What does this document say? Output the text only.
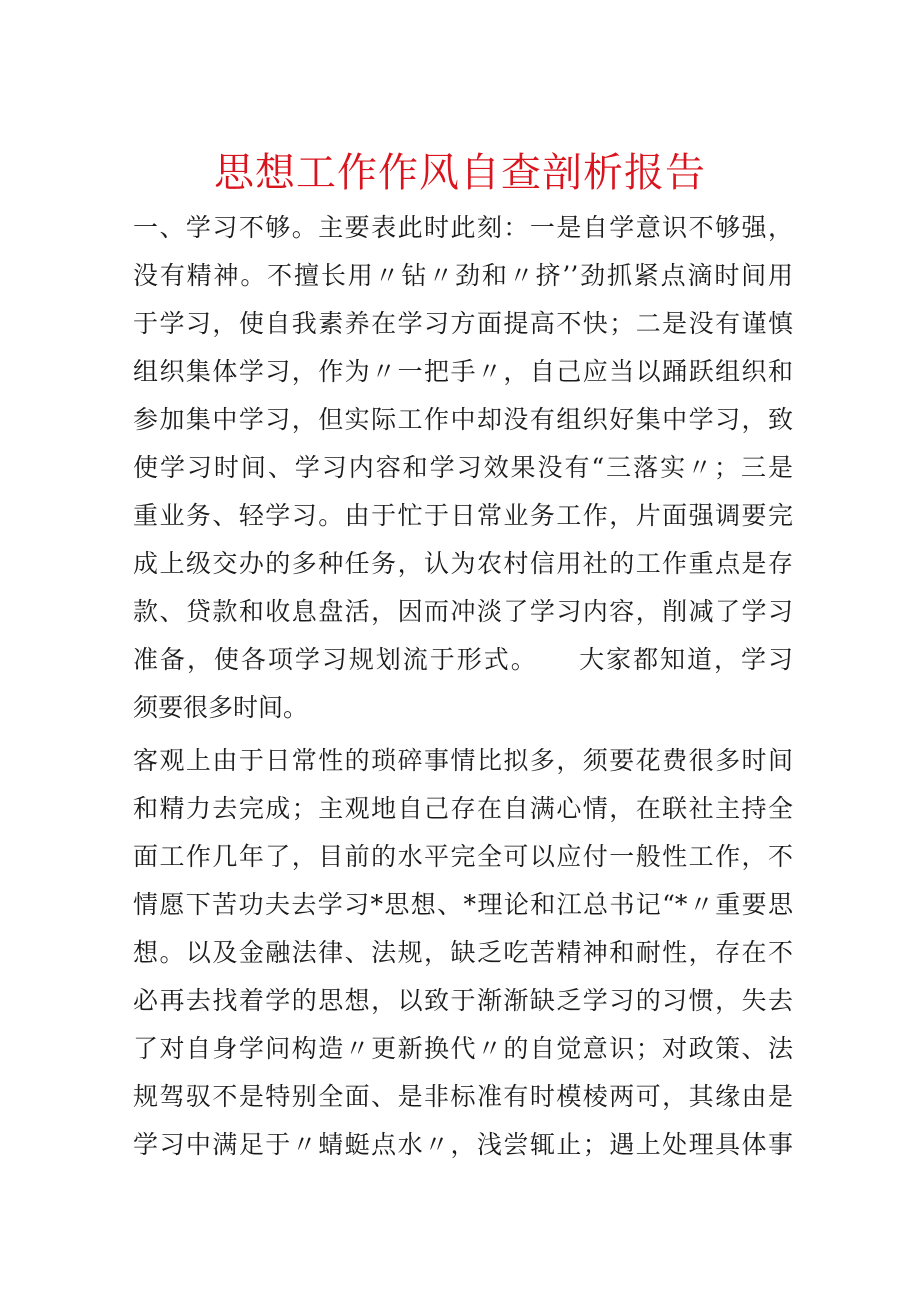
思想工作作风自查剖析报告
一、学习不够。主要表此时此刻：一是自学意识不够强，
没有精神。不擅长用〃钻〃劲和〃挤’’劲抓紧点滴时间用
于学习，使自我素养在学习方面提高不快；二是没有谨慎
组织集体学习，作为〃一把手〃，自己应当以踊跃组织和
参加集中学习，但实际工作中却没有组织好集中学习，致
使学习时间、学习内容和学习效果没有“三落实〃；三是
重业务、轻学习。由于忙于日常业务工作，片面强调要完
成上级交办的多种任务，认为农村信用社的工作重点是存
款、贷款和收息盘活，因而冲淡了学习内容，削减了学习
准备，使各项学习规划流于形式。　　大家都知道，学习
须要很多时间。
客观上由于日常性的琐碎事情比拟多，须要花费很多时间
和精力去完成；主观地自己存在自满心情，在联社主持全
面工作几年了，目前的水平完全可以应付一般性工作，不
情愿下苦功夫去学习*思想、*理论和江总书记“*〃重要思
想。以及金融法律、法规，缺乏吃苦精神和耐性，存在不
必再去找着学的思想，以致于渐渐缺乏学习的习惯，失去
了对自身学问构造〃更新换代〃的自觉意识；对政策、法
规驾驭不是特别全面、是非标准有时模棱两可，其缘由是
学习中满足于〃蜻蜓点水〃，浅尝辄止；遇上处理具体事
